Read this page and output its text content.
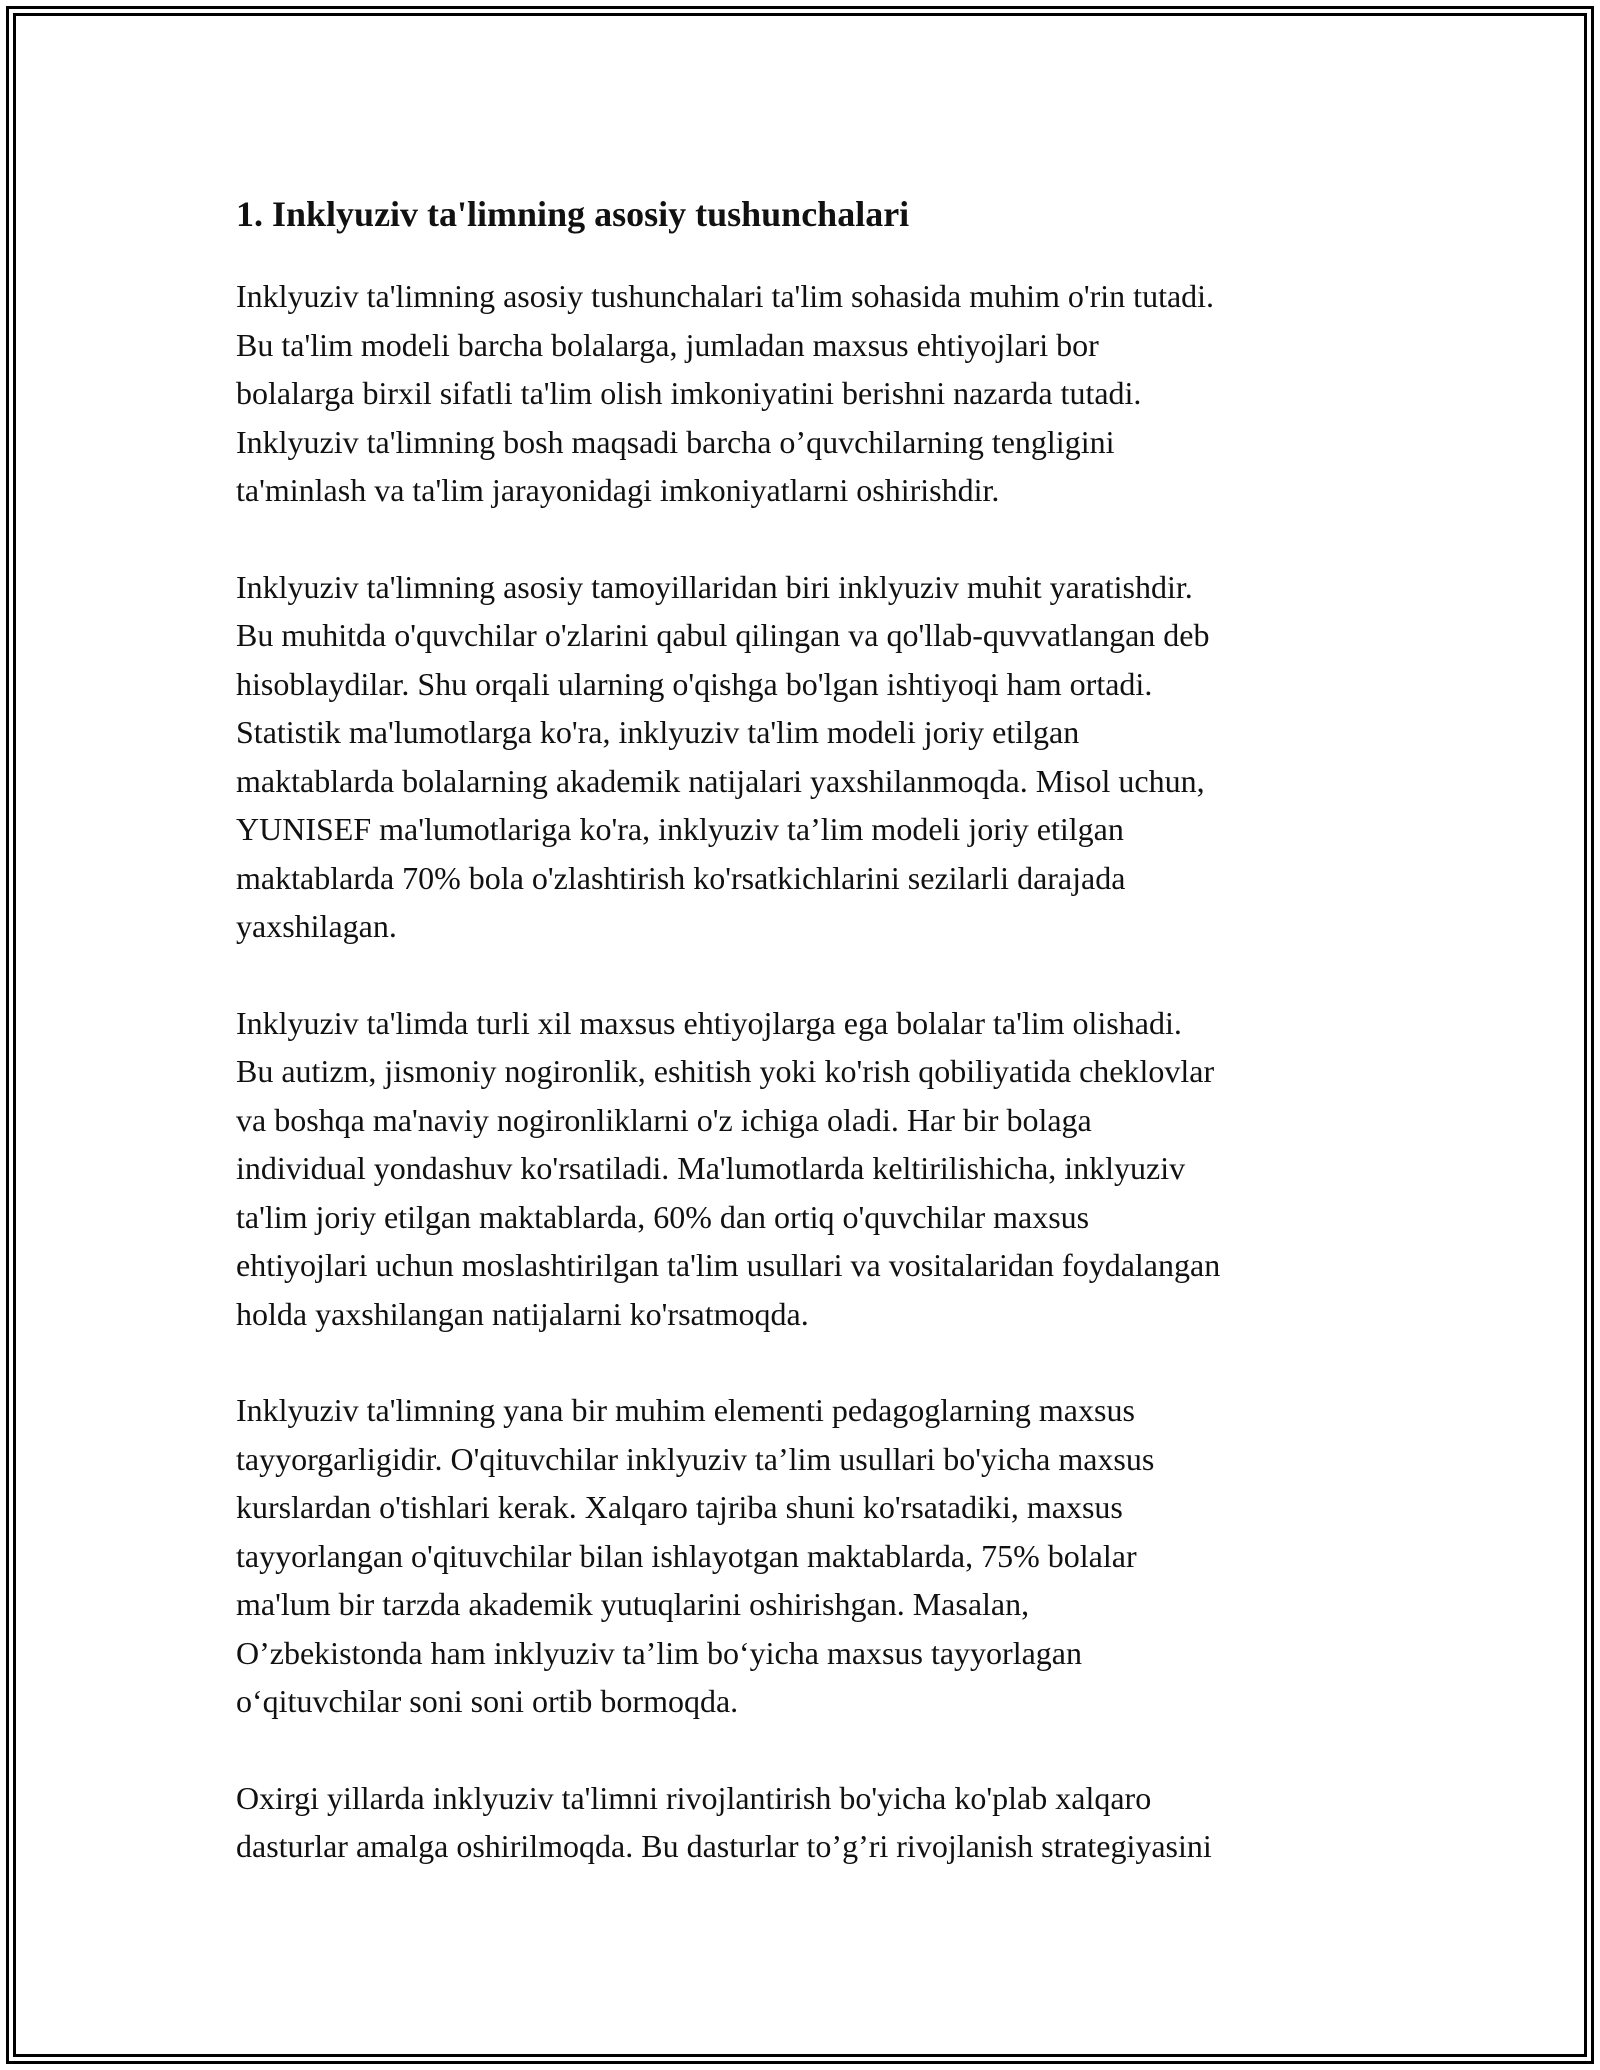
1. Inklyuziv ta'limning asosiy tushunchalari

Inklyuziv ta'limning asosiy tushunchalari ta'lim sohasida muhim o'rin tutadi.
Bu ta'lim modeli barcha bolalarga, jumladan maxsus ehtiyojlari bor
bolalarga birxil sifatli ta'lim olish imkoniyatini berishni nazarda tutadi.
Inklyuziv ta'limning bosh maqsadi barcha o’quvchilarning tengligini
ta'minlash va ta'lim jarayonidagi imkoniyatlarni oshirishdir.

Inklyuziv ta'limning asosiy tamoyillaridan biri inklyuziv muhit yaratishdir.
Bu muhitda o'quvchilar o'zlarini qabul qilingan va qo'llab-quvvatlangan deb
hisoblaydilar. Shu orqali ularning o'qishga bo'lgan ishtiyoqi ham ortadi.
Statistik ma'lumotlarga ko'ra, inklyuziv ta'lim modeli joriy etilgan
maktablarda bolalarning akademik natijalari yaxshilanmoqda. Misol uchun,
YUNISEF ma'lumotlariga ko'ra, inklyuziv ta’lim modeli joriy etilgan
maktablarda 70% bola o'zlashtirish ko'rsatkichlarini sezilarli darajada
yaxshilagan.

Inklyuziv ta'limda turli xil maxsus ehtiyojlarga ega bolalar ta'lim olishadi.
Bu autizm, jismoniy nogironlik, eshitish yoki ko'rish qobiliyatida cheklovlar
va boshqa ma'naviy nogironliklarni o'z ichiga oladi. Har bir bolaga
individual yondashuv ko'rsatiladi. Ma'lumotlarda keltirilishicha, inklyuziv
ta'lim joriy etilgan maktablarda, 60% dan ortiq o'quvchilar maxsus
ehtiyojlari uchun moslashtirilgan ta'lim usullari va vositalaridan foydalangan
holda yaxshilangan natijalarni ko'rsatmoqda.

Inklyuziv ta'limning yana bir muhim elementi pedagoglarning maxsus
tayyorgarligidir. O'qituvchilar inklyuziv ta’lim usullari bo'yicha maxsus
kurslardan o'tishlari kerak. Xalqaro tajriba shuni ko'rsatadiki, maxsus
tayyorlangan o'qituvchilar bilan ishlayotgan maktablarda, 75% bolalar
ma'lum bir tarzda akademik yutuqlarini oshirishgan. Masalan,
O’zbekistonda ham inklyuziv ta’lim bo‘yicha maxsus tayyorlagan
o‘qituvchilar soni soni ortib bormoqda.

Oxirgi yillarda inklyuziv ta'limni rivojlantirish bo'yicha ko'plab xalqaro
dasturlar amalga oshirilmoqda. Bu dasturlar to’g’ri rivojlanish strategiyasini
